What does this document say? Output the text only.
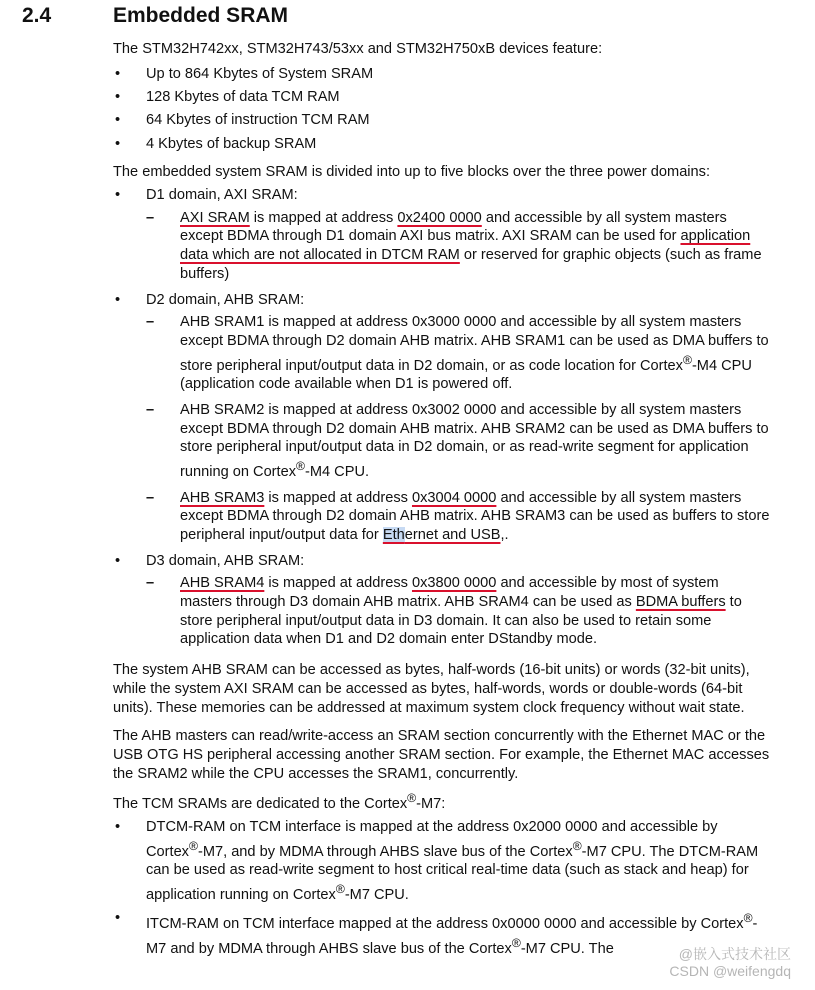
2.4	Embedded SRAM

The STM32H742xx, STM32H743/53xx and STM32H750xB devices feature:

• Up to 864 Kbytes of System SRAM
• 128 Kbytes of data TCM RAM
• 64 Kbytes of instruction TCM RAM
• 4 Kbytes of backup SRAM

The embedded system SRAM is divided into up to five blocks over the three power domains:

• D1 domain, AXI SRAM:
– AXI SRAM is mapped at address 0x2400 0000 and accessible by all system masters except BDMA through D1 domain AXI bus matrix. AXI SRAM can be used for application data which are not allocated in DTCM RAM or reserved for graphic objects (such as frame buffers)
• D2 domain, AHB SRAM:
– AHB SRAM1 is mapped at address 0x3000 0000 and accessible by all system masters except BDMA through D2 domain AHB matrix. AHB SRAM1 can be used as DMA buffers to store peripheral input/output data in D2 domain, or as code location for Cortex®-M4 CPU (application code available when D1 is powered off.
– AHB SRAM2 is mapped at address 0x3002 0000 and accessible by all system masters except BDMA through D2 domain AHB matrix. AHB SRAM2 can be used as DMA buffers to store peripheral input/output data in D2 domain, or as read-write segment for application running on Cortex®-M4 CPU.
– AHB SRAM3 is mapped at address 0x3004 0000 and accessible by all system masters except BDMA through D2 domain AHB matrix. AHB SRAM3 can be used as buffers to store peripheral input/output data for Ethernet and USB,.
• D3 domain, AHB SRAM:
– AHB SRAM4 is mapped at address 0x3800 0000 and accessible by most of system masters through D3 domain AHB matrix. AHB SRAM4 can be used as BDMA buffers to store peripheral input/output data in D3 domain. It can also be used to retain some application data when D1 and D2 domain enter DStandby mode.

The system AHB SRAM can be accessed as bytes, half-words (16-bit units) or words (32-bit units), while the system AXI SRAM can be accessed as bytes, half-words, words or double-words (64-bit units). These memories can be addressed at maximum system clock frequency without wait state.

The AHB masters can read/write-access an SRAM section concurrently with the Ethernet MAC or the USB OTG HS peripheral accessing another SRAM section. For example, the Ethernet MAC accesses the SRAM2 while the CPU accesses the SRAM1, concurrently.

The TCM SRAMs are dedicated to the Cortex®-M7:

• DTCM-RAM on TCM interface is mapped at the address 0x2000 0000 and accessible by Cortex®-M7, and by MDMA through AHBS slave bus of the Cortex®-M7 CPU. The DTCM-RAM can be used as read-write segment to host critical real-time data (such as stack and heap) for application running on Cortex®-M7 CPU.
• ITCM-RAM on TCM interface mapped at the address 0x0000 0000 and accessible by Cortex®-M7 and by MDMA through AHBS slave bus of the Cortex®-M7 CPU. The	@嵌入式技术社区
CSDN @weifengdq
